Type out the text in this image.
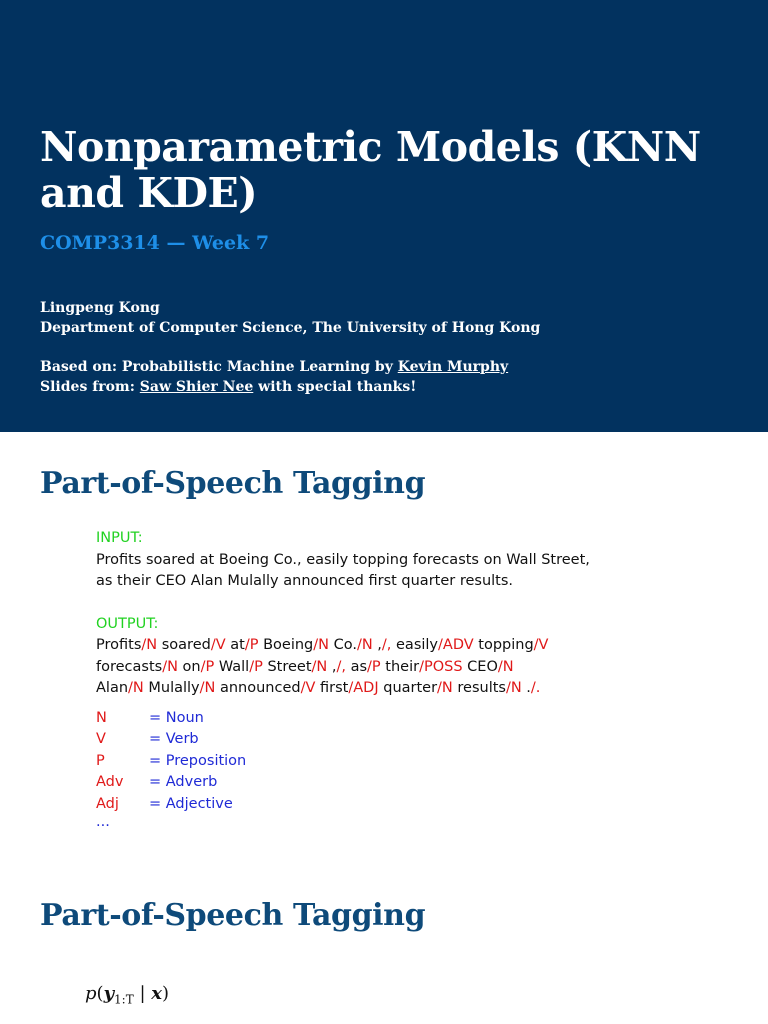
Nonparametric Models (KNN
and KDE)

COMP3314 — Week 7

Lingpeng Kong

Department of Computer Science, The University of Hong Kong

Based on: Probabilistic Machine Learning by Kevin Murphy

Slides from: Saw Shier Nee with special thanks!

Part-of-Speech Tagging

INPUT:

Profits soared at Boeing Co., easily topping forecasts on Wall Street,

as their CEO Alan Mulally announced first quarter results.

OUTPUT:

Profits/N soared/V at/P Boeing/N Co./N ,/, easily/ADV topping/V

forecasts/N on/P Wall/P Street/N ,/, as/P their/POSS CEO/N

Alan/N Mulally/N announced/V first/ADJ quarter/N results/N ./.

N	= Noun
V	= Verb
P	= Preposition
Adv	= Adverb
Adj	= Adjective
...
Part-of-Speech Tagging
$p(y_{1:T}$ | x)
